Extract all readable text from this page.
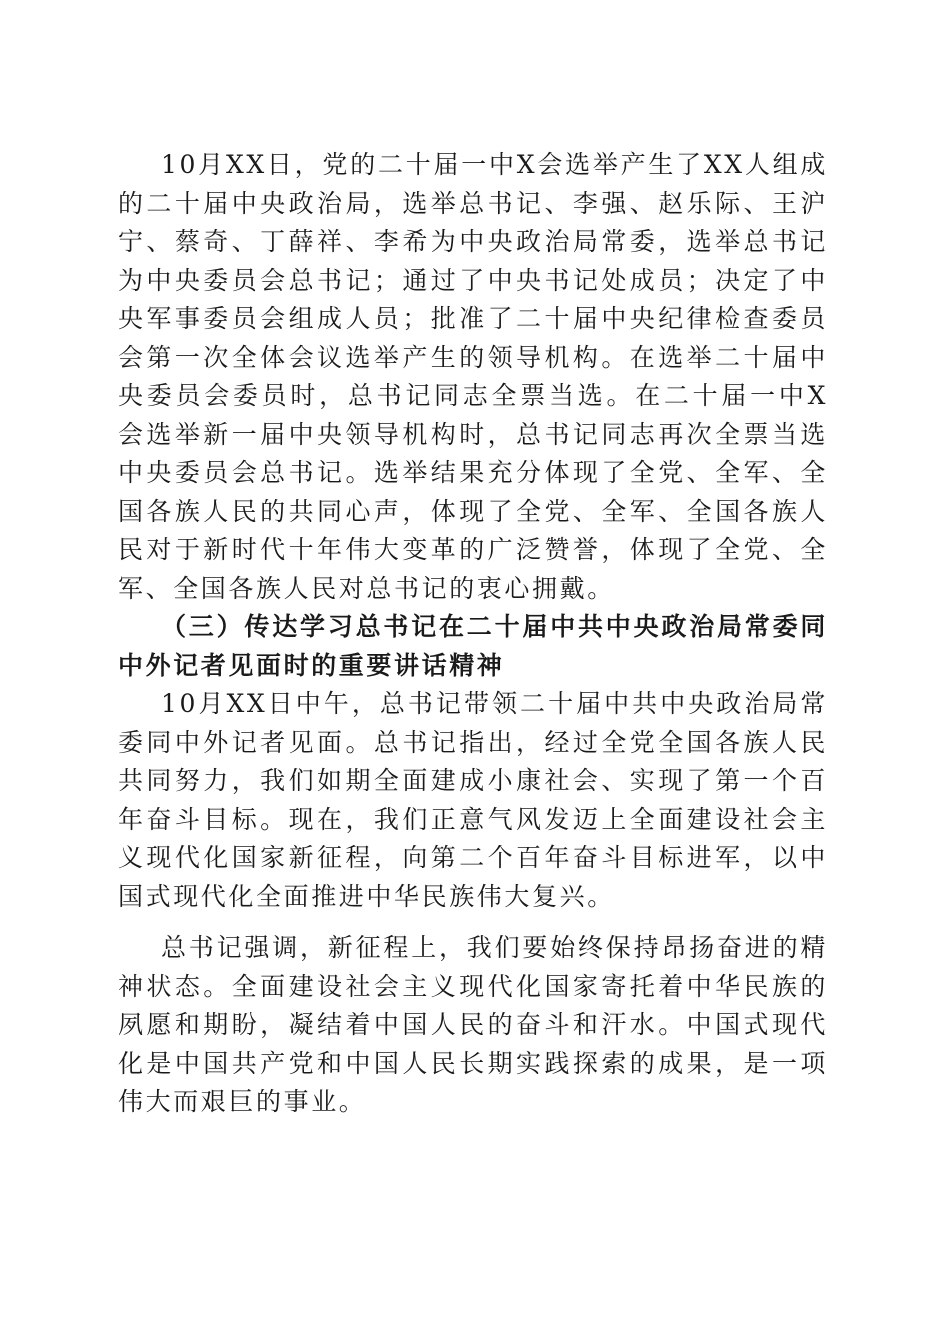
10月XX日，党的二十届一中X会选举产生了XX人组成的二十届中央政治局，选举总书记、李强、赵乐际、王沪宁、蔡奇、丁薛祥、李希为中央政治局常委，选举总书记为中央委员会总书记；通过了中央书记处成员；决定了中央军事委员会组成人员；批准了二十届中央纪律检查委员会第一次全体会议选举产生的领导机构。在选举二十届中央委员会委员时，总书记同志全票当选。在二十届一中X会选举新一届中央领导机构时，总书记同志再次全票当选中央委员会总书记。选举结果充分体现了全党、全军、全国各族人民的共同心声，体现了全党、全军、全国各族人民对于新时代十年伟大变革的广泛赞誉，体现了全党、全军、全国各族人民对总书记的衷心拥戴。

（三）传达学习总书记在二十届中共中央政治局常委同中外记者见面时的重要讲话精神

10月XX日中午，总书记带领二十届中共中央政治局常委同中外记者见面。总书记指出，经过全党全国各族人民共同努力，我们如期全面建成小康社会、实现了第一个百年奋斗目标。现在，我们正意气风发迈上全面建设社会主义现代化国家新征程，向第二个百年奋斗目标进军，以中国式现代化全面推进中华民族伟大复兴。

总书记强调，新征程上，我们要始终保持昂扬奋进的精神状态。全面建设社会主义现代化国家寄托着中华民族的夙愿和期盼，凝结着中国人民的奋斗和汗水。中国式现代化是中国共产党和中国人民长期实践探索的成果，是一项伟大而艰巨的事业。
